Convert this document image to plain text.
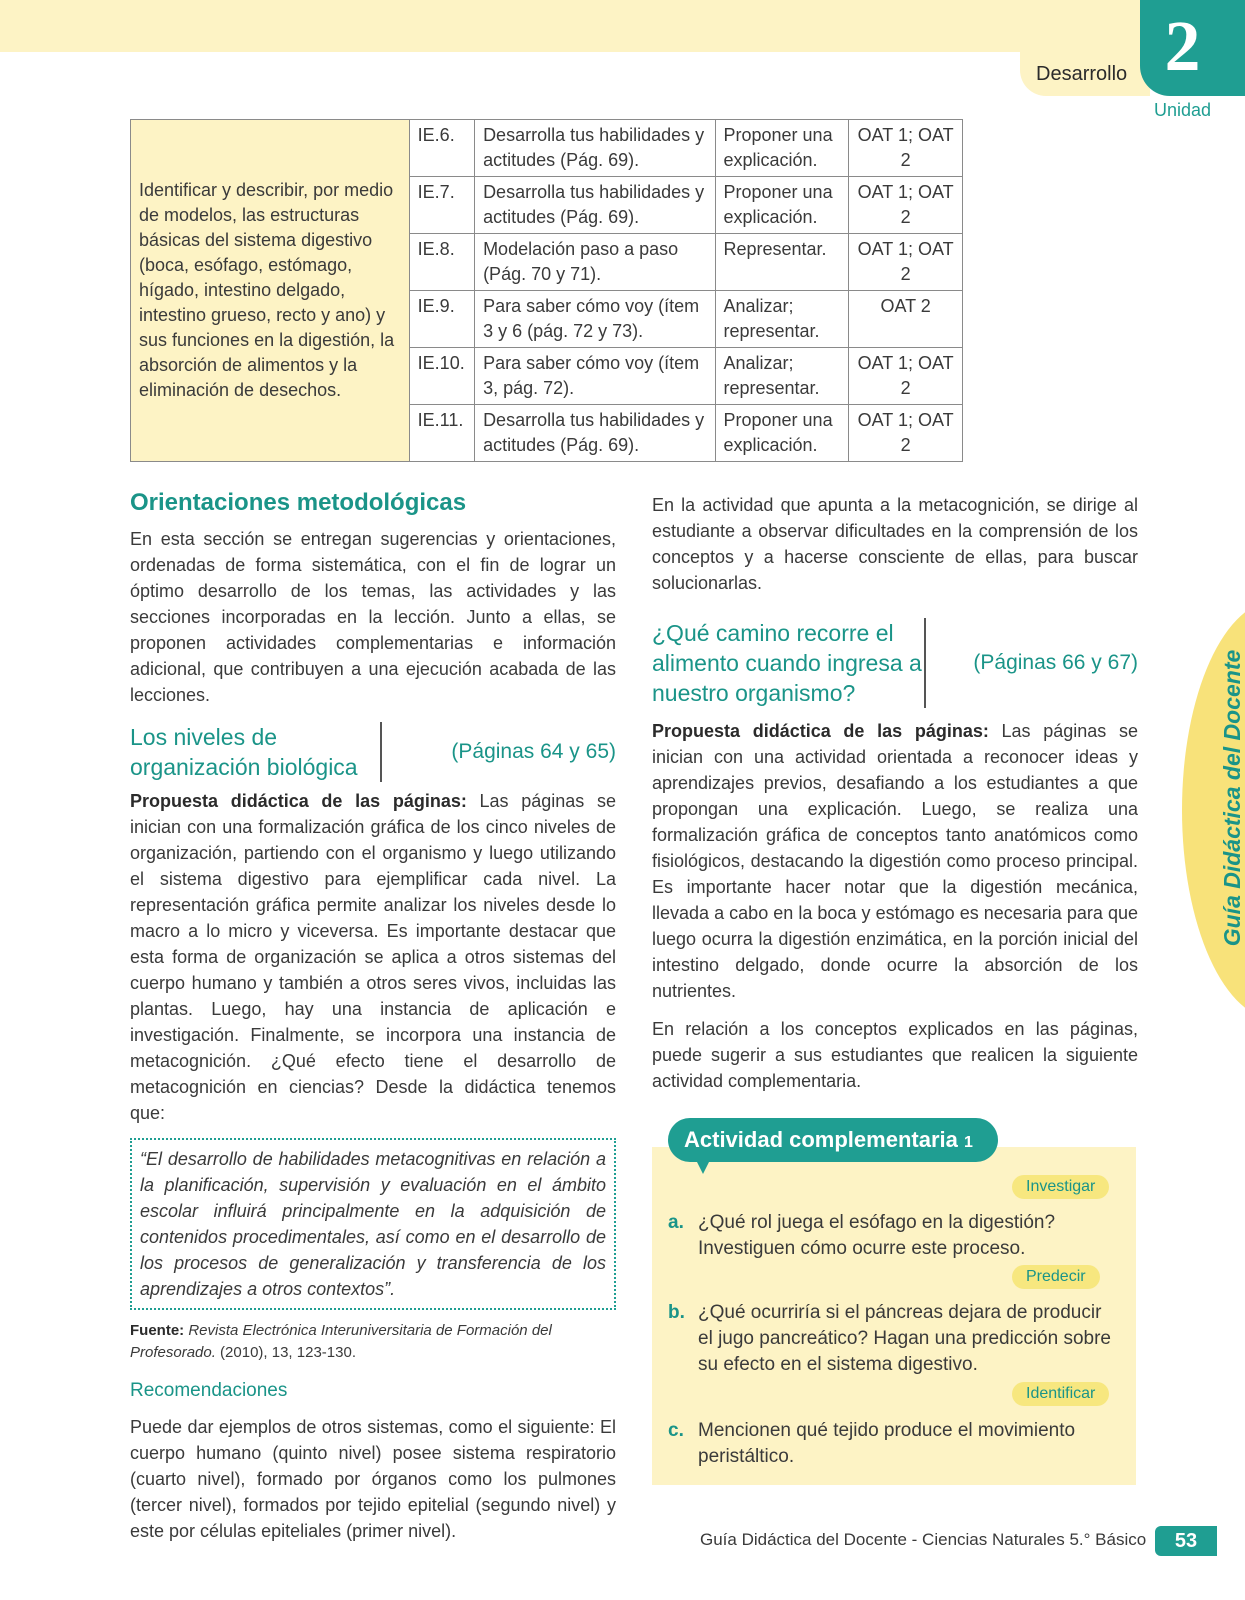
Desarrollo 2
Unidad
Identificar y describir, por medio de modelos, las estructuras básicas del sistema digestivo (boca, esófago, estómago, hígado, intestino delgado, intestino grueso, recto y ano) y sus funciones en la digestión, la absorción de alimentos y la eliminación de desechos.	IE.6.	Desarrolla tus habilidades y actitudes (Pág. 69).	Proponer una explicación.	OAT 1; OAT 2
	IE.7.	Desarrolla tus habilidades y actitudes (Pág. 69).	Proponer una explicación.	OAT 1; OAT 2
	IE.8.	Modelación paso a paso (Pág. 70 y 71).	Representar.	OAT 1; OAT 2
	IE.9.	Para saber cómo voy (ítem 3 y 6 (pág. 72 y 73).	Analizar; representar.	OAT 2
	IE.10.	Para saber cómo voy (ítem 3, pág. 72).	Analizar; representar.	OAT 1; OAT 2
	IE.11.	Desarrolla tus habilidades y actitudes (Pág. 69).	Proponer una explicación.	OAT 1; OAT 2
Orientaciones metodológicas

En esta sección se entregan sugerencias y orientaciones, ordenadas de forma sistemática, con el fin de lograr un óptimo desarrollo de los temas, las actividades y las secciones incorporadas en la lección. Junto a ellas, se proponen actividades complementarias e información adicional, que contribuyen a una ejecución acabada de las lecciones.

Los niveles de organización biológica
(Páginas 64 y 65)

Propuesta didáctica de las páginas: Las páginas se inician con una formalización gráfica de los cinco niveles de organización, partiendo con el organismo y luego utilizando el sistema digestivo para ejemplificar cada nivel. La representación gráfica permite analizar los niveles desde lo macro a lo micro y viceversa. Es importante destacar que esta forma de organización se aplica a otros sistemas del cuerpo humano y también a otros seres vivos, incluidas las plantas. Luego, hay una instancia de aplicación e investigación. Finalmente, se incorpora una instancia de metacognición. ¿Qué efecto tiene el desarrollo de metacognición en ciencias? Desde la didáctica tenemos que:

“El desarrollo de habilidades metacognitivas en relación a la planificación, supervisión y evaluación en el ámbito escolar influirá principalmente en la adquisición de contenidos procedimentales, así como en el desarrollo de los procesos de generalización y transferencia de los aprendizajes a otros contextos”.
Fuente: Revista Electrónica Interuniversitaria de Formación del Profesorado. (2010), 13, 123-130.
Recomendaciones

Puede dar ejemplos de otros sistemas, como el siguiente: El cuerpo humano (quinto nivel) posee sistema respiratorio (cuarto nivel), formado por órganos como los pulmones (tercer nivel), formados por tejido epitelial (segundo nivel) y este por células epiteliales (primer nivel).

En la actividad que apunta a la metacognición, se dirige al estudiante a observar dificultades en la comprensión de los conceptos y a hacerse consciente de ellas, para buscar solucionarlas.

¿Qué camino recorre el alimento cuando ingresa a nuestro organismo?
(Páginas 66 y 67)

Propuesta didáctica de las páginas: Las páginas se inician con una actividad orientada a reconocer ideas y aprendizajes previos, desafiando a los estudiantes a que propongan una explicación. Luego, se realiza una formalización gráfica de conceptos tanto anatómicos como fisiológicos, destacando la digestión como proceso principal. Es importante hacer notar que la digestión mecánica, llevada a cabo en la boca y estómago es necesaria para que luego ocurra la digestión enzimática, en la porción inicial del intestino delgado, donde ocurre la absorción de los nutrientes.

En relación a los conceptos explicados en las páginas, puede sugerir a sus estudiantes que realicen la siguiente actividad complementaria.

Actividad complementaria 1
Investigar
a. ¿Qué rol juega el esófago en la digestión? Investiguen cómo ocurre este proceso.
Predecir
b. ¿Qué ocurriría si el páncreas dejara de producir el jugo pancreático? Hagan una predicción sobre su efecto en el sistema digestivo.
Identificar
c. Mencionen qué tejido produce el movimiento peristáltico.
Guía Didáctica del Docente
Guía Didáctica del Docente - Ciencias Naturales 5.° Básico	53
